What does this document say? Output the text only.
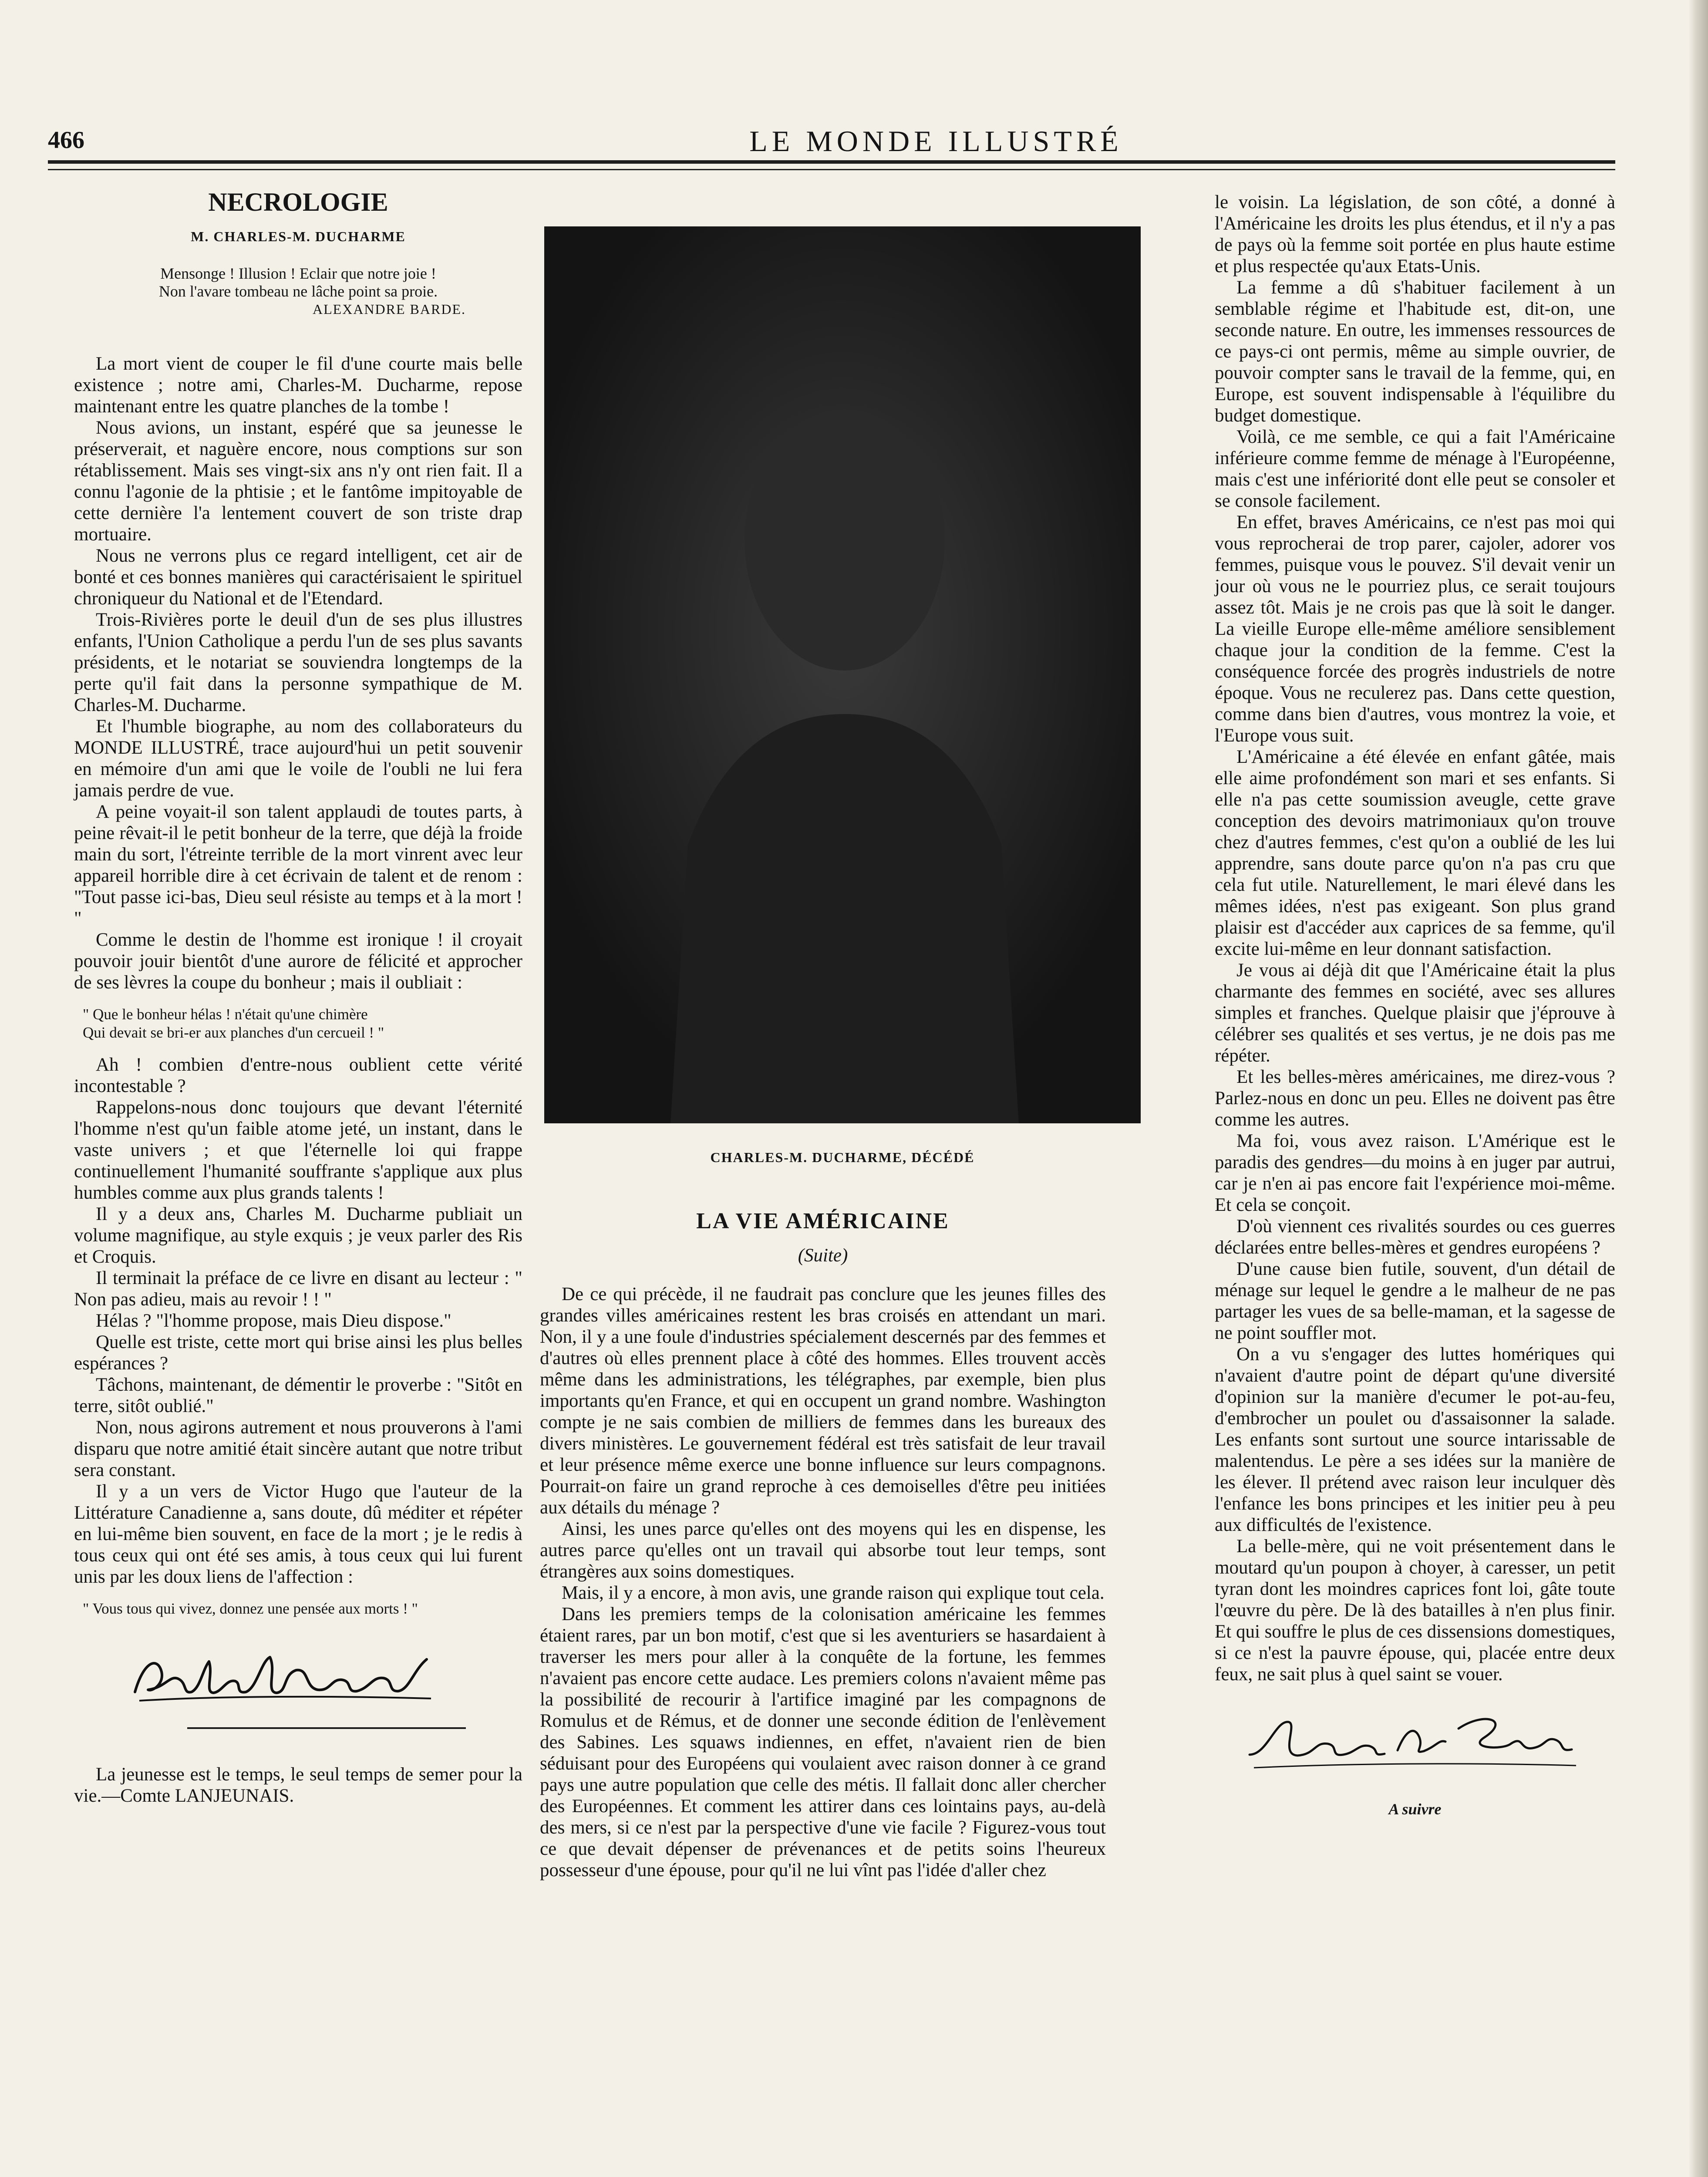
466	LE MONDE ILLUSTRÉ
NECROLOGIE
M. CHARLES-M. DUCHARME
Mensonge ! Illusion ! Eclair que notre joie !
Non l'avare tombeau ne lâche point sa proie.
ALEXANDRE BARDE.

La mort vient de couper le fil d'une courte mais belle existence ; notre ami, Charles-M. Ducharme, repose maintenant entre les quatre planches de la tombe !

Nous avions, un instant, espéré que sa jeunesse le préserverait, et naguère encore, nous comptions sur son rétablissement. Mais ses vingt-six ans n'y ont rien fait. Il a connu l'agonie de la phtisie ; et le fantôme impitoyable de cette dernière l'a lentement couvert de son triste drap mortuaire.

Nous ne verrons plus ce regard intelligent, cet air de bonté et ces bonnes manières qui caractérisaient le spirituel chroniqueur du National et de l'Etendard.

Trois-Rivières porte le deuil d'un de ses plus illustres enfants, l'Union Catholique a perdu l'un de ses plus savants présidents, et le notariat se souviendra longtemps de la perte qu'il fait dans la personne sympathique de M. Charles-M. Ducharme.

Et l'humble biographe, au nom des collaborateurs du MONDE ILLUSTRÉ, trace aujourd'hui un petit souvenir en mémoire d'un ami que le voile de l'oubli ne lui fera jamais perdre de vue.

A peine voyait-il son talent applaudi de toutes parts, à peine rêvait-il le petit bonheur de la terre, que déjà la froide main du sort, l'étreinte terrible de la mort vinrent avec leur appareil horrible dire à cet écrivain de talent et de renom : "Tout passe ici-bas, Dieu seul résiste au temps et à la mort ! "

Comme le destin de l'homme est ironique ! il croyait pouvoir jouir bientôt d'une aurore de félicité et approcher de ses lèvres la coupe du bonheur ; mais il oubliait :

" Que le bonheur hélas ! n'était qu'une chimère
Qui devait se bri-er aux planches d'un cercueil ! "

Ah ! combien d'entre-nous oublient cette vérité incontestable ?

Rappelons-nous donc toujours que devant l'éternité l'homme n'est qu'un faible atome jeté, un instant, dans le vaste univers ; et que l'éternelle loi qui frappe continuellement l'humanité souffrante s'applique aux plus humbles comme aux plus grands talents !

Il y a deux ans, Charles M. Ducharme publiait un volume magnifique, au style exquis ; je veux parler des Ris et Croquis.

Il terminait la préface de ce livre en disant au lecteur : " Non pas adieu, mais au revoir ! ! "

Hélas ? "l'homme propose, mais Dieu dispose."

Quelle est triste, cette mort qui brise ainsi les plus belles espérances ?

Tâchons, maintenant, de démentir le proverbe : "Sitôt en terre, sitôt oublié."

Non, nous agirons autrement et nous prouverons à l'ami disparu que notre amitié était sincère autant que notre tribut sera constant.

Il y a un vers de Victor Hugo que l'auteur de la Littérature Canadienne a, sans doute, dû méditer et répéter en lui-même bien souvent, en face de la mort ; je le redis à tous ceux qui ont été ses amis, à tous ceux qui lui furent unis par les doux liens de l'affection :

" Vous tous qui vivez, donnez une pensée aux morts ! "

La jeunesse est le temps, le seul temps de semer pour la vie.—Comte LANJEUNAIS.

CHARLES-M. DUCHARME, DÉCÉDÉ
LA VIE AMÉRICAINE
(Suite)

De ce qui précède, il ne faudrait pas conclure que les jeunes filles des grandes villes américaines restent les bras croisés en attendant un mari. Non, il y a une foule d'industries spécialement descernés par des femmes et d'autres où elles prennent place à côté des hommes. Elles trouvent accès même dans les administrations, les télégraphes, par exemple, bien plus importants qu'en France, et qui en occupent un grand nombre. Washington compte je ne sais combien de milliers de femmes dans les bureaux des divers ministères. Le gouvernement fédéral est très satisfait de leur travail et leur présence même exerce une bonne influence sur leurs compagnons. Pourrait-on faire un grand reproche à ces demoiselles d'être peu initiées aux détails du ménage ?

Ainsi, les unes parce qu'elles ont des moyens qui les en dispense, les autres parce qu'elles ont un travail qui absorbe tout leur temps, sont étrangères aux soins domestiques.

Mais, il y a encore, à mon avis, une grande raison qui explique tout cela.

Dans les premiers temps de la colonisation américaine les femmes étaient rares, par un bon motif, c'est que si les aventuriers se hasardaient à traverser les mers pour aller à la conquête de la fortune, les femmes n'avaient pas encore cette audace. Les premiers colons n'avaient même pas la possibilité de recourir à l'artifice imaginé par les compagnons de Romulus et de Rémus, et de donner une seconde édition de l'enlèvement des Sabines. Les squaws indiennes, en effet, n'avaient rien de bien séduisant pour des Européens qui voulaient avec raison donner à ce grand pays une autre population que celle des métis. Il fallait donc aller chercher des Européennes. Et comment les attirer dans ces lointains pays, au-delà des mers, si ce n'est par la perspective d'une vie facile ? Figurez-vous tout ce que devait dépenser de prévenances et de petits soins l'heureux possesseur d'une épouse, pour qu'il ne lui vînt pas l'idée d'aller chez

le voisin. La législation, de son côté, a donné à l'Américaine les droits les plus étendus, et il n'y a pas de pays où la femme soit portée en plus haute estime et plus respectée qu'aux Etats-Unis.

La femme a dû s'habituer facilement à un semblable régime et l'habitude est, dit-on, une seconde nature. En outre, les immenses ressources de ce pays-ci ont permis, même au simple ouvrier, de pouvoir compter sans le travail de la femme, qui, en Europe, est souvent indispensable à l'équilibre du budget domestique.

Voilà, ce me semble, ce qui a fait l'Américaine inférieure comme femme de ménage à l'Européenne, mais c'est une infériorité dont elle peut se consoler et se console facilement.

En effet, braves Américains, ce n'est pas moi qui vous reprocherai de trop parer, cajoler, adorer vos femmes, puisque vous le pouvez. S'il devait venir un jour où vous ne le pourriez plus, ce serait toujours assez tôt. Mais je ne crois pas que là soit le danger. La vieille Europe elle-même améliore sensiblement chaque jour la condition de la femme. C'est la conséquence forcée des progrès industriels de notre époque. Vous ne reculerez pas. Dans cette question, comme dans bien d'autres, vous montrez la voie, et l'Europe vous suit.

L'Américaine a été élevée en enfant gâtée, mais elle aime profondément son mari et ses enfants. Si elle n'a pas cette soumission aveugle, cette grave conception des devoirs matrimoniaux qu'on trouve chez d'autres femmes, c'est qu'on a oublié de les lui apprendre, sans doute parce qu'on n'a pas cru que cela fut utile. Naturellement, le mari élevé dans les mêmes idées, n'est pas exigeant. Son plus grand plaisir est d'accéder aux caprices de sa femme, qu'il excite lui-même en leur donnant satisfaction.

Je vous ai déjà dit que l'Américaine était la plus charmante des femmes en société, avec ses allures simples et franches. Quelque plaisir que j'éprouve à célébrer ses qualités et ses vertus, je ne dois pas me répéter.

Et les belles-mères américaines, me direz-vous ? Parlez-nous en donc un peu. Elles ne doivent pas être comme les autres.

Ma foi, vous avez raison. L'Amérique est le paradis des gendres—du moins à en juger par autrui, car je n'en ai pas encore fait l'expérience moi-même. Et cela se conçoit.

D'où viennent ces rivalités sourdes ou ces guerres déclarées entre belles-mères et gendres européens ?

D'une cause bien futile, souvent, d'un détail de ménage sur lequel le gendre a le malheur de ne pas partager les vues de sa belle-maman, et la sagesse de ne point souffler mot.

On a vu s'engager des luttes homériques qui n'avaient d'autre point de départ qu'une diversité d'opinion sur la manière d'ecumer le pot-au-feu, d'embrocher un poulet ou d'assaisonner la salade. Les enfants sont surtout une source intarissable de malentendus. Le père a ses idées sur la manière de les élever. Il prétend avec raison leur inculquer dès l'enfance les bons principes et les initier peu à peu aux difficultés de l'existence.

La belle-mère, qui ne voit présentement dans le moutard qu'un poupon à choyer, à caresser, un petit tyran dont les moindres caprices font loi, gâte toute l'œuvre du père. De là des batailles à n'en plus finir. Et qui souffre le plus de ces dissensions domestiques, si ce n'est la pauvre épouse, qui, placée entre deux feux, ne sait plus à quel saint se vouer.

A suivre
